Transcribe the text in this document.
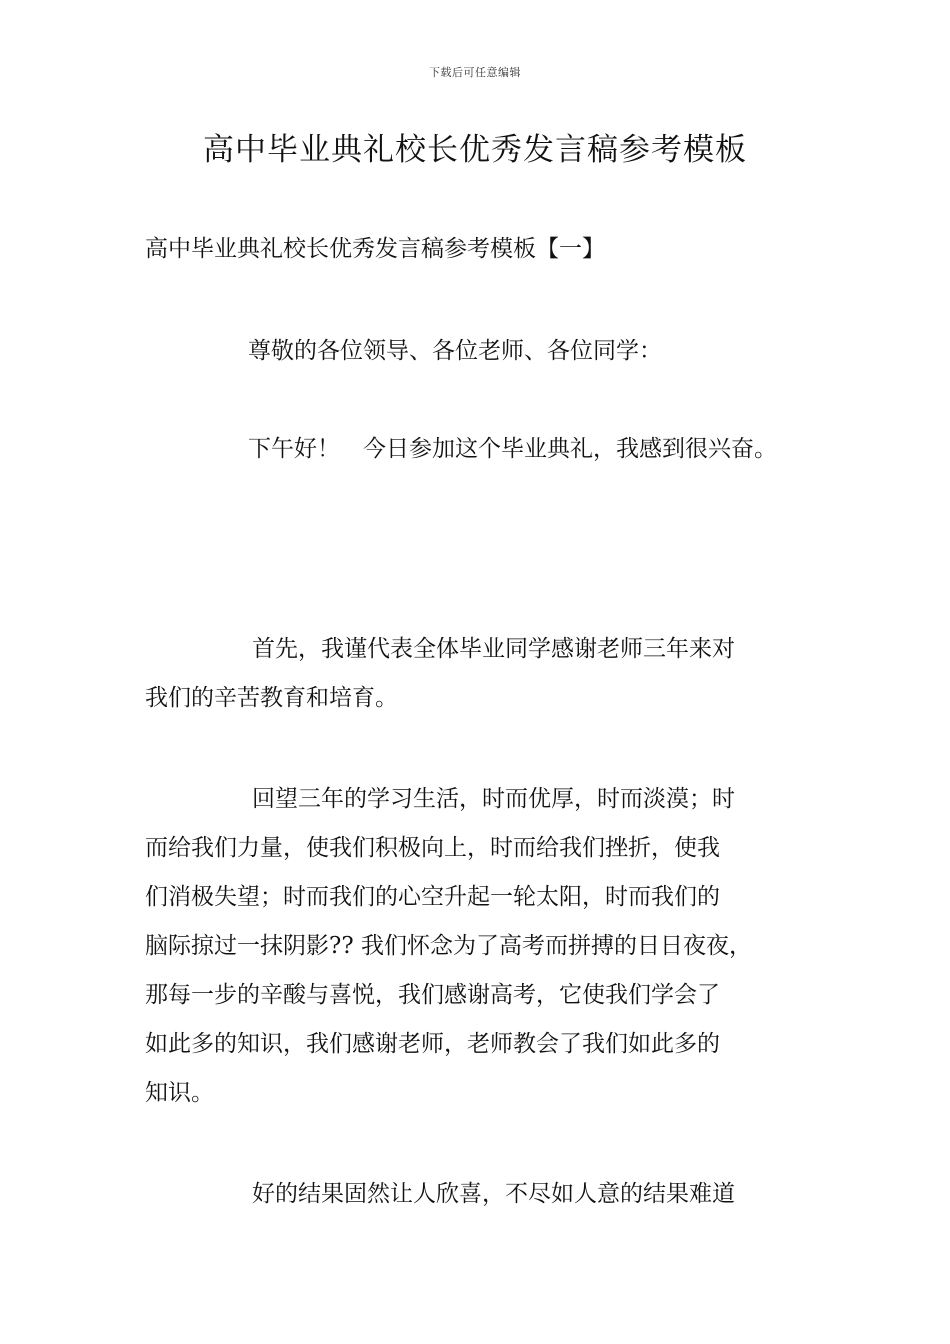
下载后可任意编辑
高中毕业典礼校长优秀发言稿参考模板

高中毕业典礼校长优秀发言稿参考模板【一】

尊敬的各位领导、各位老师、各位同学：

下午好！　今日参加这个毕业典礼，我感到很兴奋。

首先，我谨代表全体毕业同学感谢老师三年来对

我们的辛苦教育和培育。

回望三年的学习生活，时而优厚，时而淡漠；时

而给我们力量，使我们积极向上，时而给我们挫折，使我

们消极失望；时而我们的心空升起一轮太阳，时而我们的

脑际掠过一抹阴影?? 我们怀念为了高考而拼搏的日日夜夜，

那每一步的辛酸与喜悦，我们感谢高考，它使我们学会了

如此多的知识，我们感谢老师，老师教会了我们如此多的

知识。

好的结果固然让人欣喜，不尽如人意的结果难道
